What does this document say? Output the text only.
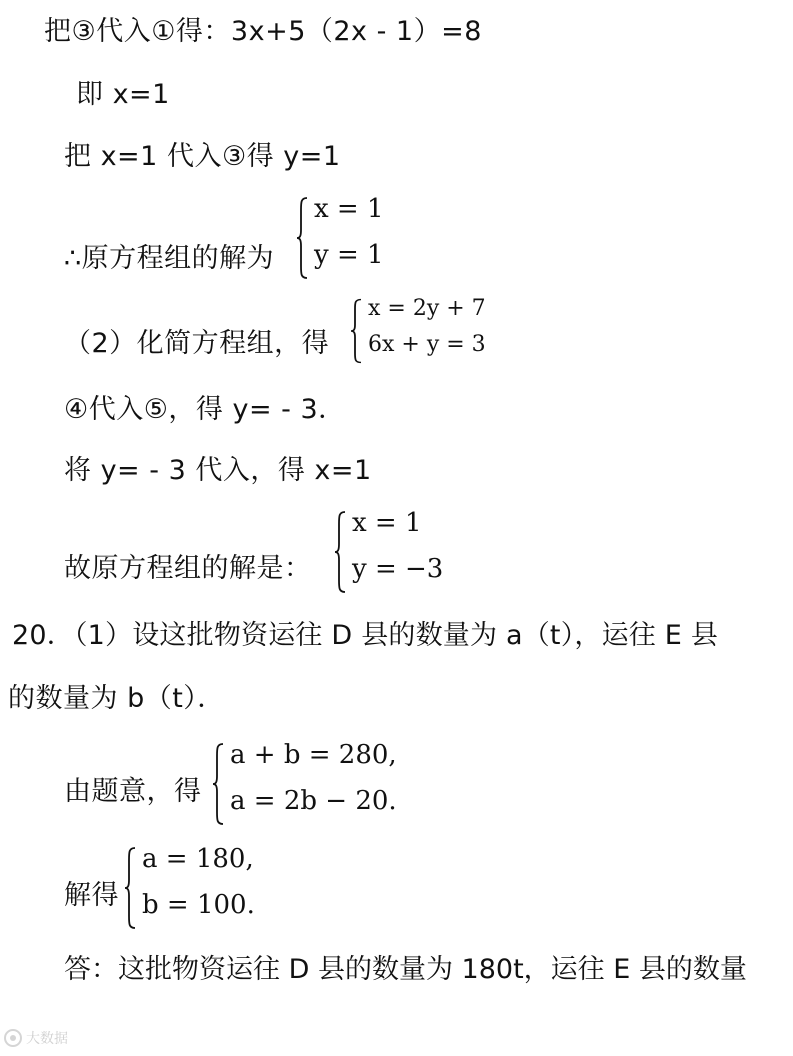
把③代入①得：3x+5（2x - 1）=8
即 x=1
把 x=1 代入③得 y=1
∴原方程组的解为
x = 1
y = 1
（2）化简方程组，得
x = 2y + 7
6x + y = 3
④代入⑤，得 y= - 3．
将 y= - 3 代入，得 x=1
故原方程组的解是：
x = 1
y = −3
20．（1）设这批物资运往 D 县的数量为 a（t），运往 E 县
的数量为 b（t）．
由题意，得
a + b = 280,
a = 2b − 20.
解得
a = 180,
b = 100.
答：这批物资运往 D 县的数量为 180t，运往 E 县的数量
大数据
